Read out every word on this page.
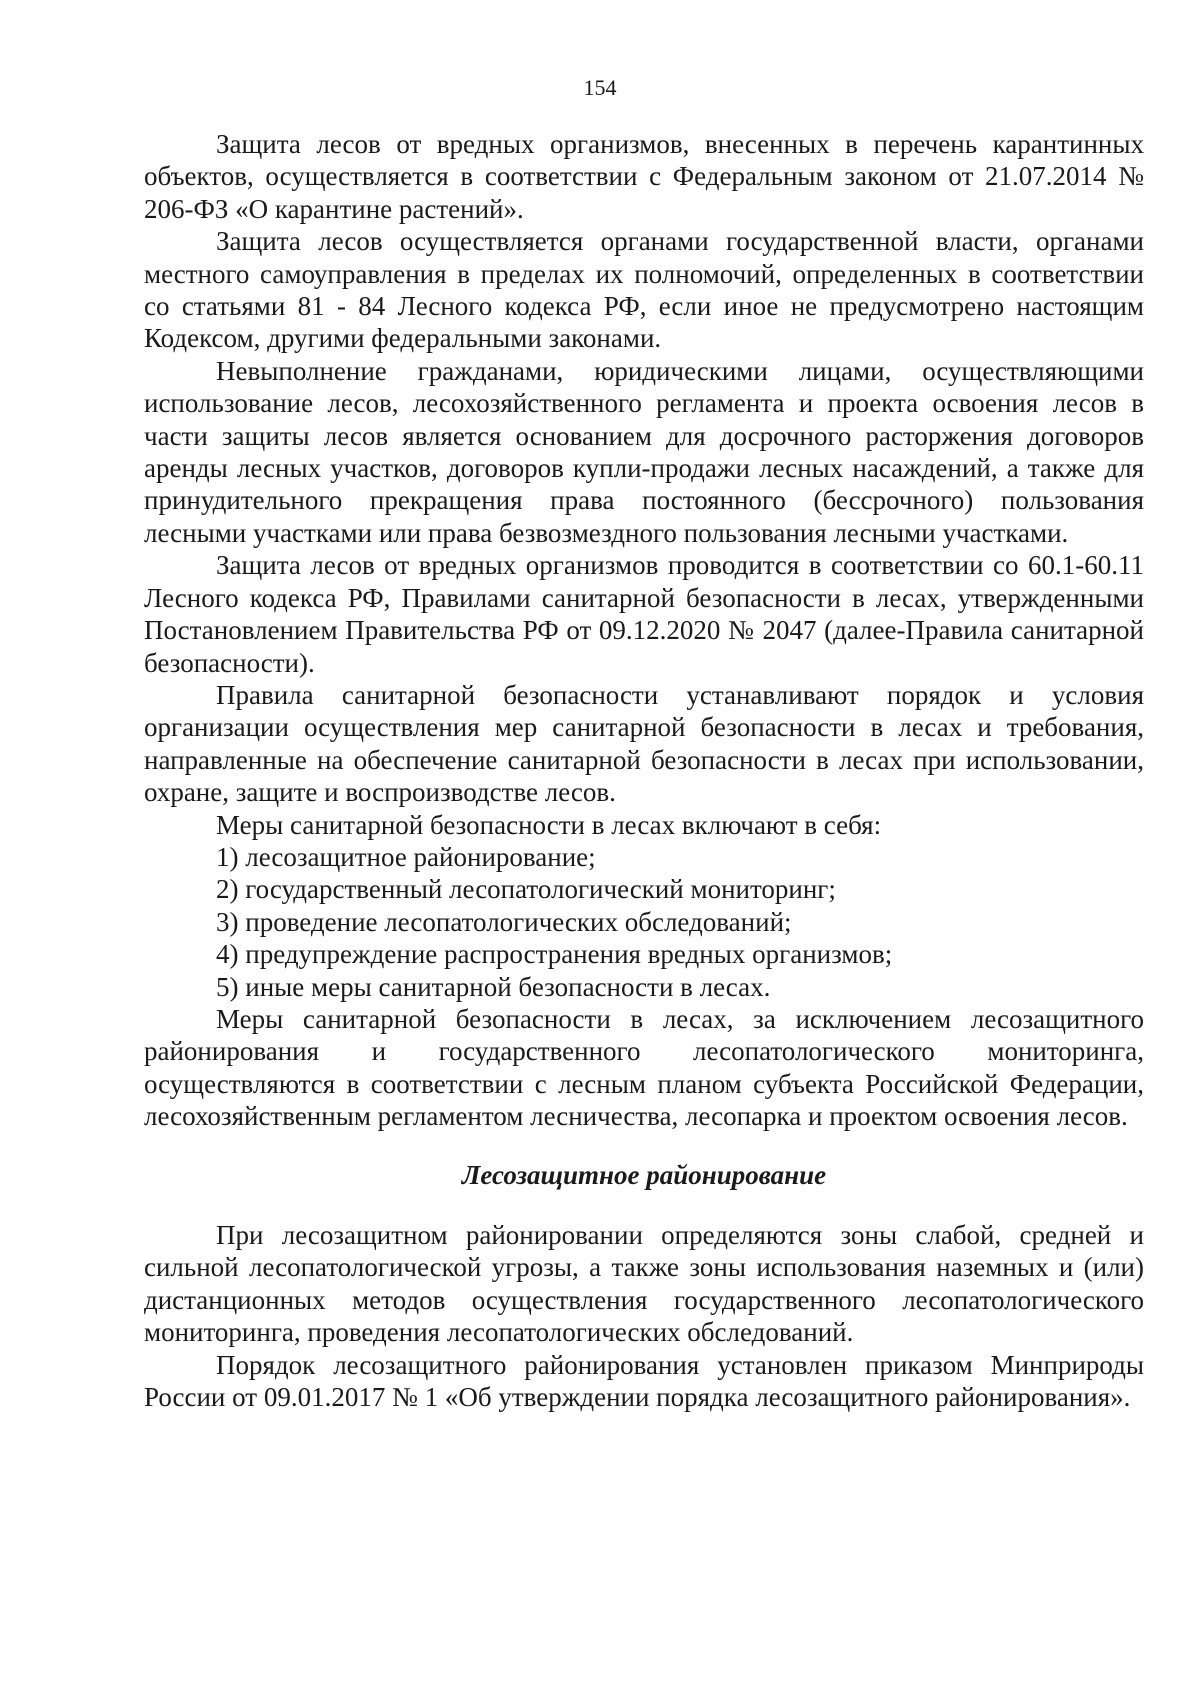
154

Защита лесов от вредных организмов, внесенных в перечень карантинных объектов, осуществляется в соответствии с Федеральным законом от 21.07.2014 № 206-ФЗ «О карантине растений».

Защита лесов осуществляется органами государственной власти, органами местного самоуправления в пределах их полномочий, определенных в соответствии со статьями 81 - 84 Лесного кодекса РФ, если иное не предусмотрено настоящим Кодексом, другими федеральными законами.

Невыполнение гражданами, юридическими лицами, осуществляющими использование лесов, лесохозяйственного регламента и проекта освоения лесов в части защиты лесов является основанием для досрочного расторжения договоров аренды лесных участков, договоров купли-продажи лесных насаждений, а также для принудительного прекращения права постоянного (бессрочного) пользования лесными участками или права безвозмездного пользования лесными участками.

Защита лесов от вредных организмов проводится в соответствии со 60.1-60.11 Лесного кодекса РФ, Правилами санитарной безопасности в лесах, утвержденными Постановлением Правительства РФ от 09.12.2020 № 2047 (далее-Правила санитарной безопасности).

Правила санитарной безопасности устанавливают порядок и условия организации осуществления мер санитарной безопасности в лесах и требования, направленные на обеспечение санитарной безопасности в лесах при использовании, охране, защите и воспроизводстве лесов.

Меры санитарной безопасности в лесах включают в себя:

1) лесозащитное районирование;

2) государственный лесопатологический мониторинг;

3) проведение лесопатологических обследований;

4) предупреждение распространения вредных организмов;

5) иные меры санитарной безопасности в лесах.

Меры санитарной безопасности в лесах, за исключением лесозащитного районирования и государственного лесопатологического мониторинга, осуществляются в соответствии с лесным планом субъекта Российской Федерации, лесохозяйственным регламентом лесничества, лесопарка и проектом освоения лесов.

Лесозащитное районирование

При лесозащитном районировании определяются зоны слабой, средней и сильной лесопатологической угрозы, а также зоны использования наземных и (или) дистанционных методов осуществления государственного лесопатологического мониторинга, проведения лесопатологических обследований.

Порядок лесозащитного районирования установлен приказом Минприроды России от 09.01.2017 № 1 «Об утверждении порядка лесозащитного районирования».
